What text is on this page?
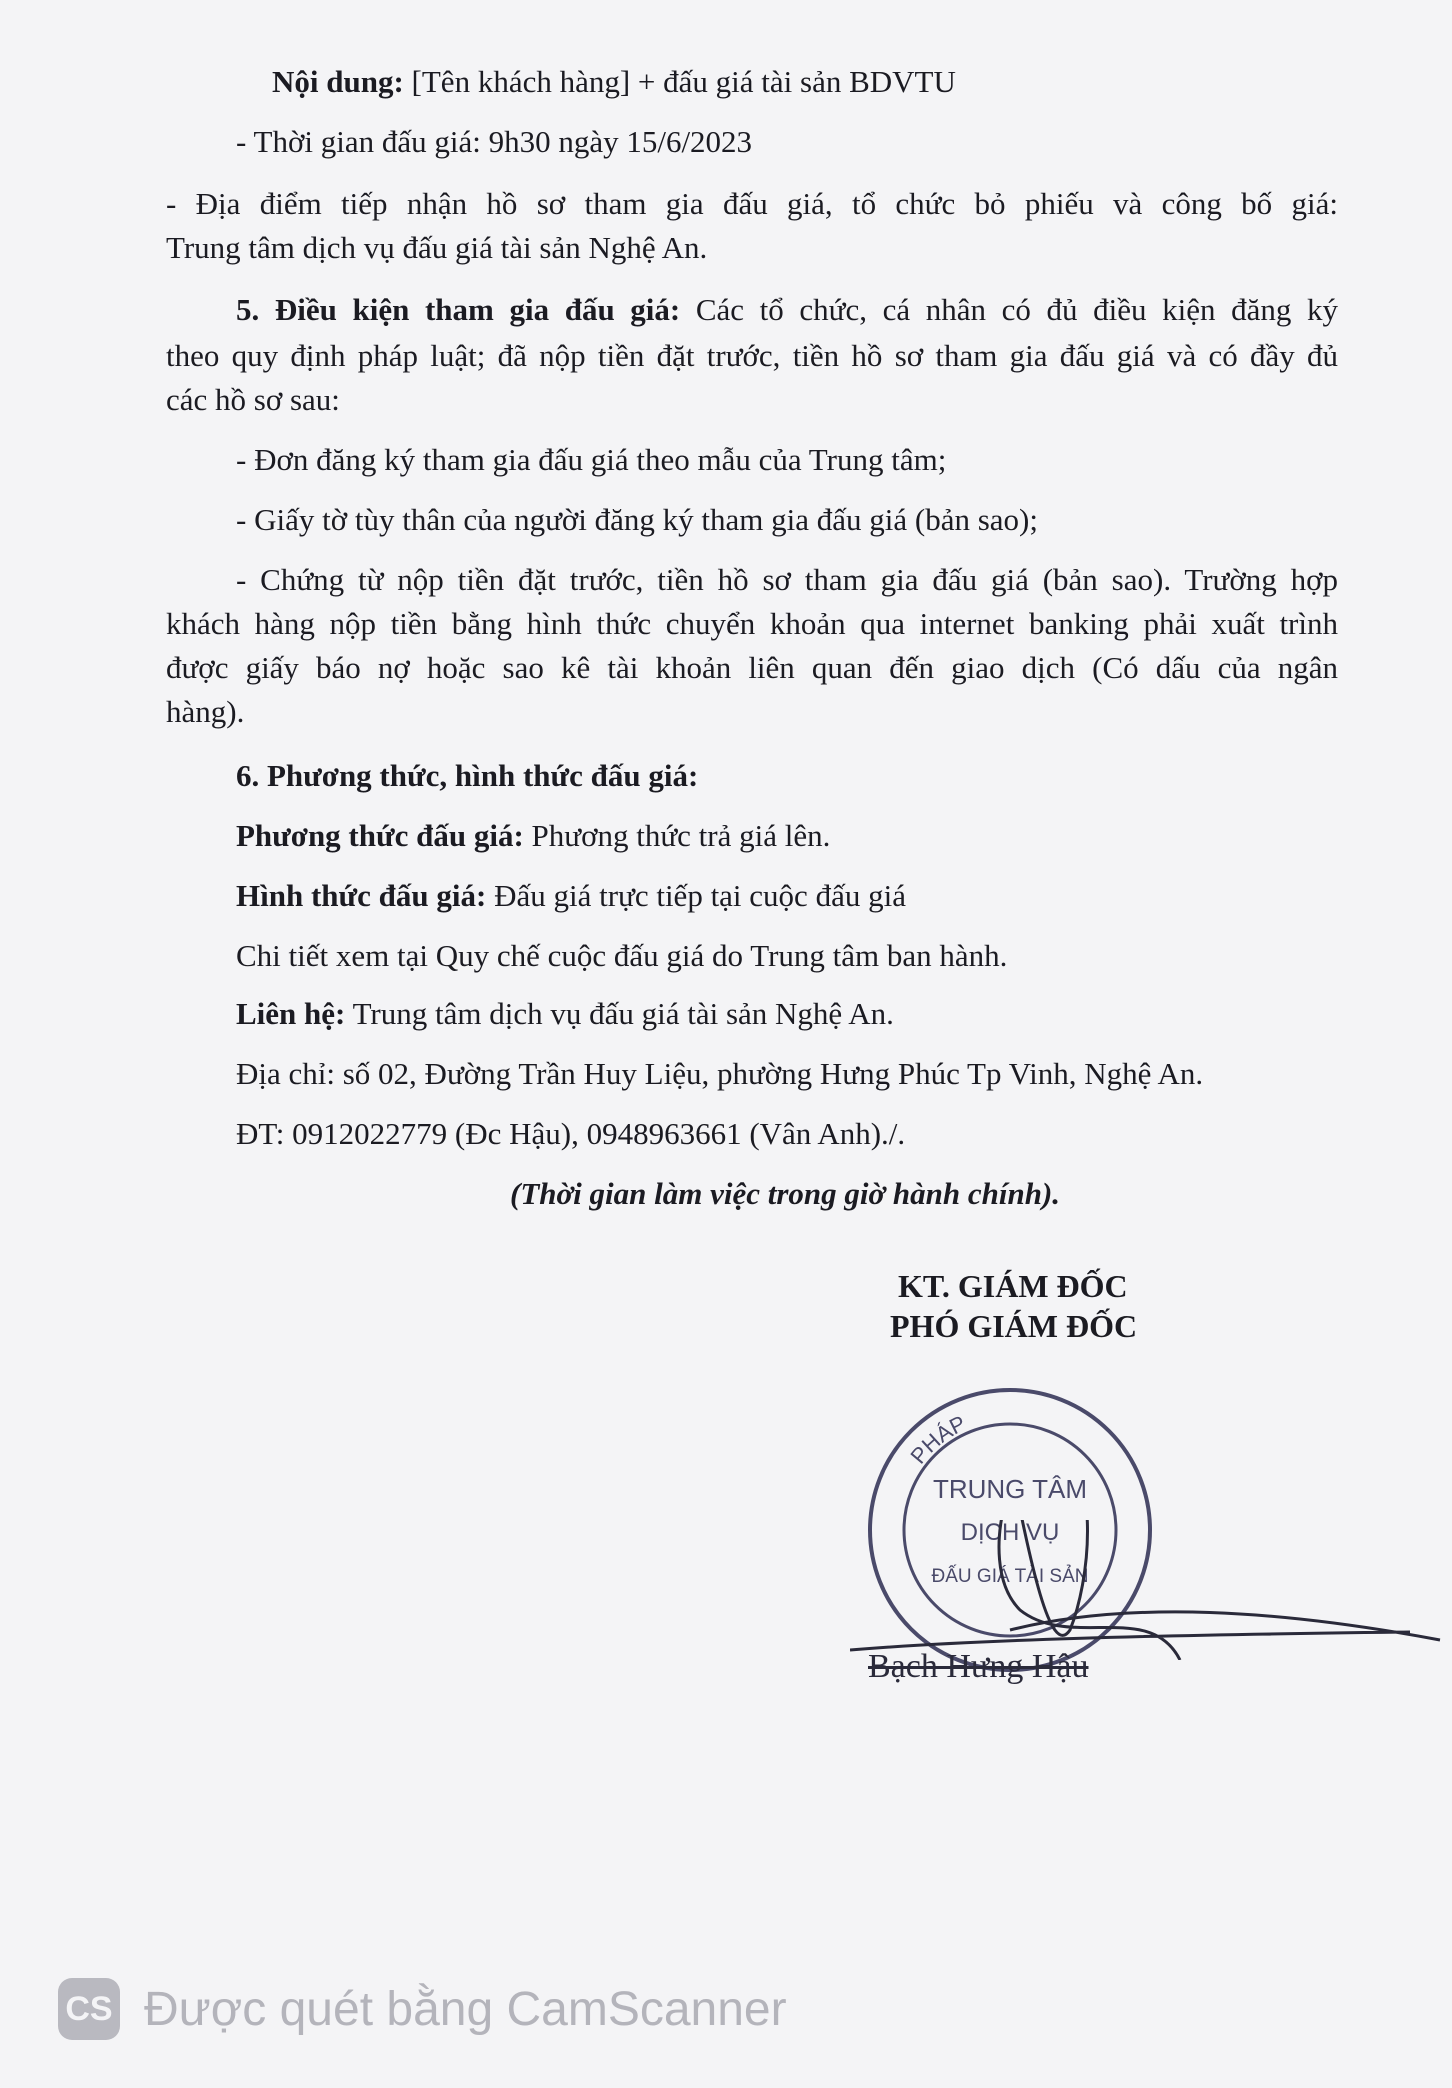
Nội dung: [Tên khách hàng] + đấu giá tài sản BDVTU
- Thời gian đấu giá: 9h30 ngày 15/6/2023
- Địa điểm tiếp nhận hồ sơ tham gia đấu giá, tổ chức bỏ phiếu và công bố giá:
Trung tâm dịch vụ đấu giá tài sản Nghệ An.
5. Điều kiện tham gia đấu giá: Các tổ chức, cá nhân có đủ điều kiện đăng ký
theo quy định pháp luật; đã nộp tiền đặt trước, tiền hồ sơ tham gia đấu giá và có đầy đủ
các hồ sơ sau:
- Đơn đăng ký tham gia đấu giá theo mẫu của Trung tâm;
- Giấy tờ tùy thân của người đăng ký tham gia đấu giá (bản sao);
- Chứng từ nộp tiền đặt trước, tiền hồ sơ tham gia đấu giá (bản sao). Trường hợp
khách hàng nộp tiền bằng hình thức chuyển khoản qua internet banking phải xuất trình
được giấy báo nợ hoặc sao kê tài khoản liên quan đến giao dịch (Có dấu của ngân
hàng).
6. Phương thức, hình thức đấu giá:
Phương thức đấu giá: Phương thức trả giá lên.
Hình thức đấu giá: Đấu giá trực tiếp tại cuộc đấu giá
Chi tiết xem tại Quy chế cuộc đấu giá do Trung tâm ban hành.
Liên hệ: Trung tâm dịch vụ đấu giá tài sản Nghệ An.
Địa chỉ: số 02, Đường Trần Huy Liệu, phường Hưng Phúc Tp Vinh, Nghệ An.
ĐT: 0912022779 (Đc Hậu), 0948963661 (Vân Anh)./.
(Thời gian làm việc trong giờ hành chính).
KT. GIÁM ĐỐC
PHÓ GIÁM ĐỐC
PHÁP
TRUNG TÂM
DỊCH VỤ
ĐẤU GIÁ TÀI SẢN
Bạch Hưng Hậu
CS Được quét bằng CamScanner
